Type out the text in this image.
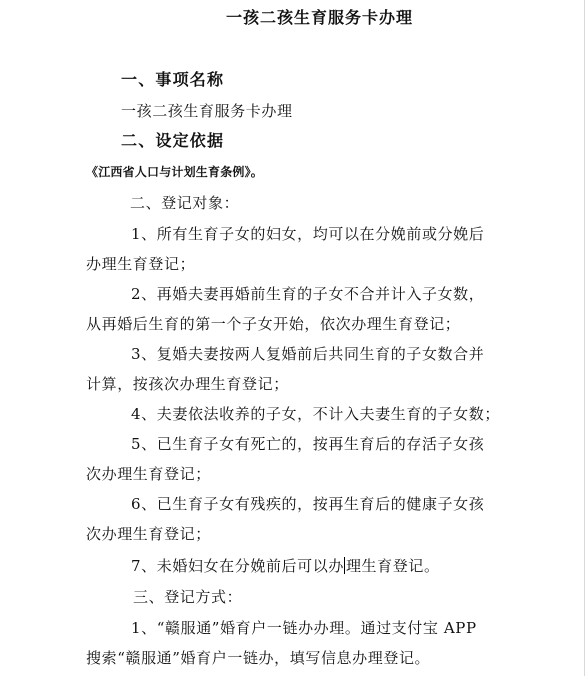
一孩二孩生育服务卡办理
一、事项名称
一孩二孩生育服务卡办理
二、设定依据
《江西省人口与计划生育条例》。
二、登记对象：
1、所有生育子女的妇女，均可以在分娩前或分娩后
办理生育登记；
2、再婚夫妻再婚前生育的子女不合并计入子女数，
从再婚后生育的第一个子女开始，依次办理生育登记；
3、复婚夫妻按两人复婚前后共同生育的子女数合并
计算，按孩次办理生育登记；
4、夫妻依法收养的子女，不计入夫妻生育的子女数；
5、已生育子女有死亡的，按再生育后的存活子女孩
次办理生育登记；
6、已生育子女有残疾的，按再生育后的健康子女孩
次办理生育登记；
7、未婚妇女在分娩前后可以办 理生育登记。
三、登记方式：
1、“赣服通”婚育户一链办办理。通过支付宝 APP
搜索“赣服通”婚育户一链办，填写信息办理登记。
